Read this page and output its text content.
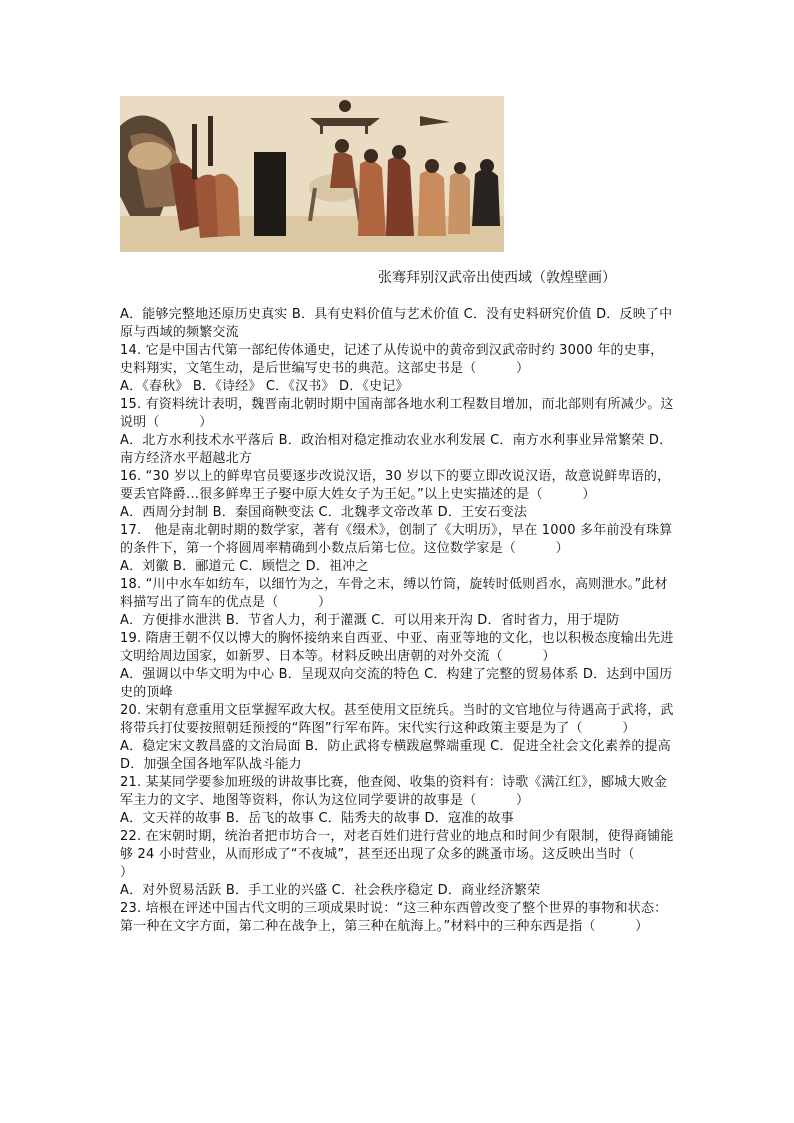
张骞拜别汉武帝出使西域（敦煌壁画）

A．能够完整地还原历史真实 B．具有史料价值与艺术价值 C．没有史料研究价值 D．反映了中原与西域的频繁交流

14. 它是中国古代第一部纪传体通史，记述了从传说中的黄帝到汉武帝时约 3000 年的史事，史料翔实，文笔生动，是后世编写史书的典范。这部史书是（　　　）

A．《春秋》 B．《诗经》 C．《汉书》 D．《史记》

15. 有资料统计表明，魏晋南北朝时期中国南部各地水利工程数目增加，而北部则有所减少。这说明（　　　）

A．北方水利技术水平落后 B．政治相对稳定推动农业水利发展 C．南方水利事业异常繁荣 D．南方经济水平超越北方

16. “30 岁以上的鲜卑官员要逐步改说汉语，30 岁以下的要立即改说汉语，故意说鲜卑语的，要丢官降爵…很多鲜卑王子娶中原大姓女子为王妃。”以上史实描述的是（　　　）

A．西周分封制 B．秦国商鞅变法 C．北魏孝文帝改革 D．王安石变法

17.　他是南北朝时期的数学家，著有《缀术》，创制了《大明历》，早在 1000 多年前没有珠算的条件下，第一个将圆周率精确到小数点后第七位。这位数学家是（　　　）

A．刘徽 B．郦道元 C．顾恺之 D．祖冲之

18. “川中水车如纺车，以细竹为之，车骨之末，缚以竹筒，旋转时低则舀水，高则泄水。”此材料描写出了筒车的优点是（　　　）

A．方便排水泄洪 B．节省人力，利于灌溉 C．可以用来开沟 D．省时省力，用于堤防

19. 隋唐王朝不仅以博大的胸怀接纳来自西亚、中亚、南亚等地的文化，也以积极态度输出先进文明给周边国家，如新罗、日本等。材料反映出唐朝的对外交流（　　　）

A．强调以中华文明为中心 B．呈现双向交流的特色 C．构建了完整的贸易体系 D．达到中国历史的顶峰

20. 宋朝有意重用文臣掌握军政大权。甚至使用文臣统兵。当时的文官地位与待遇高于武将，武将带兵打仗要按照朝廷预授的“阵图”行军布阵。宋代实行这种政策主要是为了（　　　）

A．稳定宋文教昌盛的文治局面 B．防止武将专横跋扈弊端重现 C．促进全社会文化素养的提高 D．加强全国各地军队战斗能力

21. 某某同学要参加班级的讲故事比赛，他查阅、收集的资料有：诗歌《满江红》，郾城大败金军主力的文字、地图等资料，你认为这位同学要讲的故事是（　　　）

A．文天祥的故事 B．岳飞的故事 C．陆秀夫的故事 D．寇准的故事

22. 在宋朝时期，统治者把市坊合一，对老百姓们进行营业的地点和时间少有限制，使得商铺能够 24 小时营业，从而形成了“不夜城”，甚至还出现了众多的跳蚤市场。这反映出当时（　　　）

A．对外贸易活跃 B．手工业的兴盛 C．社会秩序稳定 D．商业经济繁荣

23. 培根在评述中国古代文明的三项成果时说：“这三种东西曾改变了整个世界的事物和状态：第一种在文字方面，第二种在战争上，第三种在航海上。”材料中的三种东西是指（　　　）
